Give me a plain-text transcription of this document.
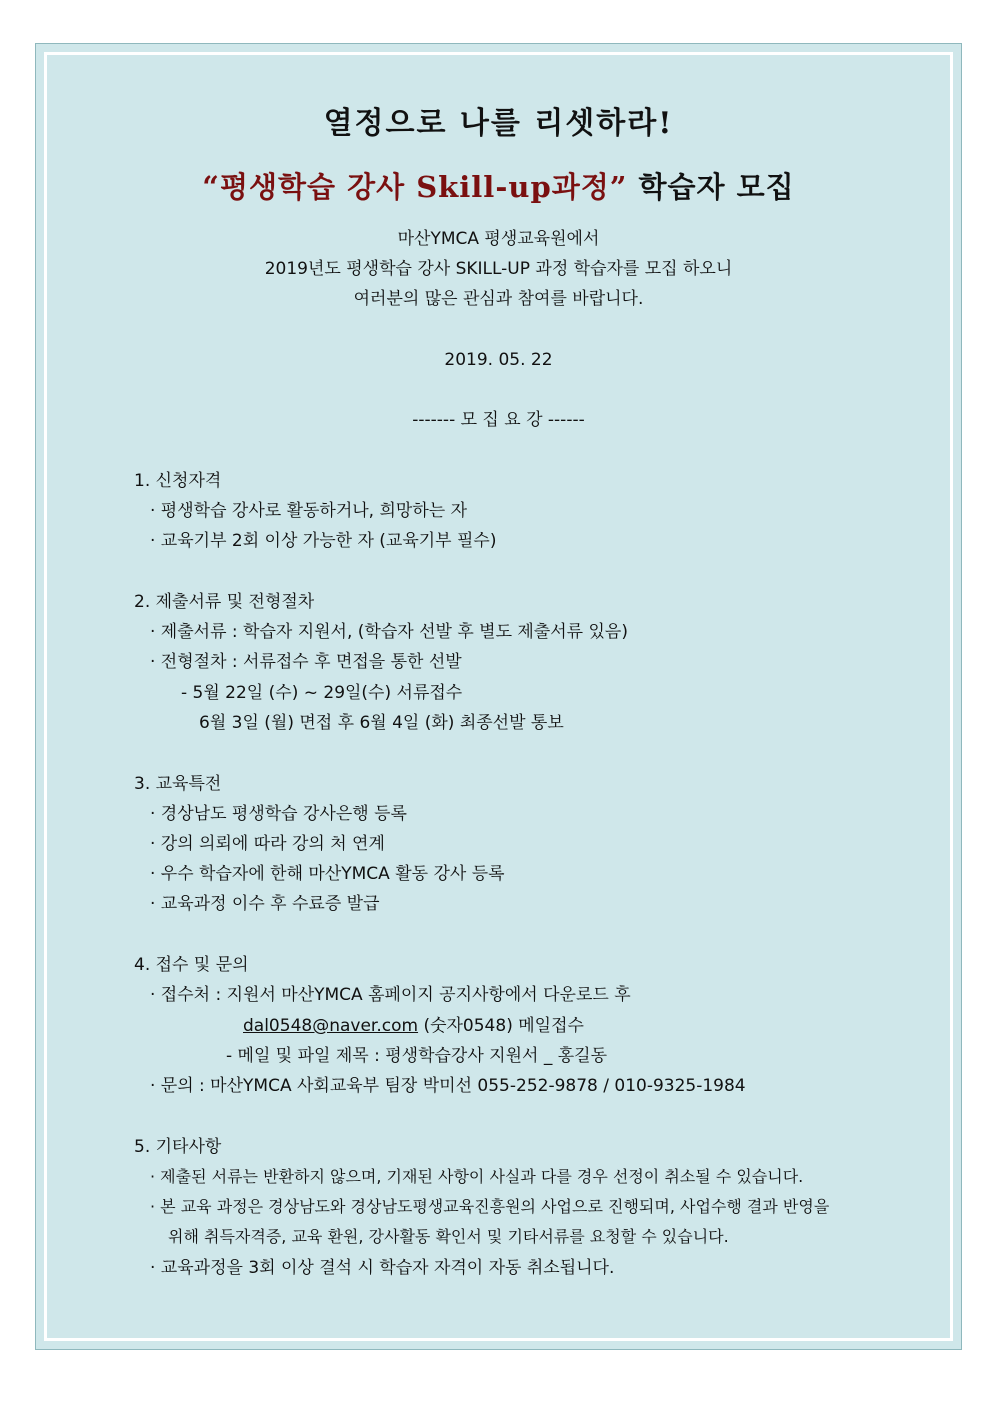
열정으로 나를 리셋하라!
“평생학습 강사 Skill-up과정” 학습자 모집
마산YMCA 평생교육원에서
2019년도 평생학습 강사 SKILL-UP 과정 학습자를 모집 하오니
여러분의 많은 관심과 참여를 바랍니다.
2019. 05. 22
------- 모 집 요 강 ------
1. 신청자격
· 평생학습 강사로 활동하거나, 희망하는 자
· 교육기부 2회 이상 가능한 자 (교육기부 필수)
2. 제출서류 및 전형절차
· 제출서류 : 학습자 지원서, (학습자 선발 후 별도 제출서류 있음)
· 전형절차 : 서류접수 후 면접을 통한 선발
- 5월 22일 (수) ~ 29일(수) 서류접수
6월 3일 (월) 면접 후 6월 4일 (화) 최종선발 통보
3. 교육특전
· 경상남도 평생학습 강사은행 등록
· 강의 의뢰에 따라 강의 처 연계
· 우수 학습자에 한해 마산YMCA 활동 강사 등록
· 교육과정 이수 후 수료증 발급
4. 접수 및 문의
· 접수처 : 지원서 마산YMCA 홈페이지 공지사항에서 다운로드 후
dal0548@naver.com (숫자0548) 메일접수
- 메일 및 파일 제목 : 평생학습강사 지원서 _ 홍길동
· 문의 : 마산YMCA 사회교육부 팀장 박미선 055-252-9878 / 010-9325-1984
5. 기타사항
· 제출된 서류는 반환하지 않으며, 기재된 사항이 사실과 다를 경우 선정이 취소될 수 있습니다.
· 본 교육 과정은 경상남도와 경상남도평생교육진흥원의 사업으로 진행되며, 사업수행 결과 반영을
위해 취득자격증, 교육 환원, 강사활동 확인서 및 기타서류를 요청할 수 있습니다.
· 교육과정을 3회 이상 결석 시 학습자 자격이 자동 취소됩니다.
